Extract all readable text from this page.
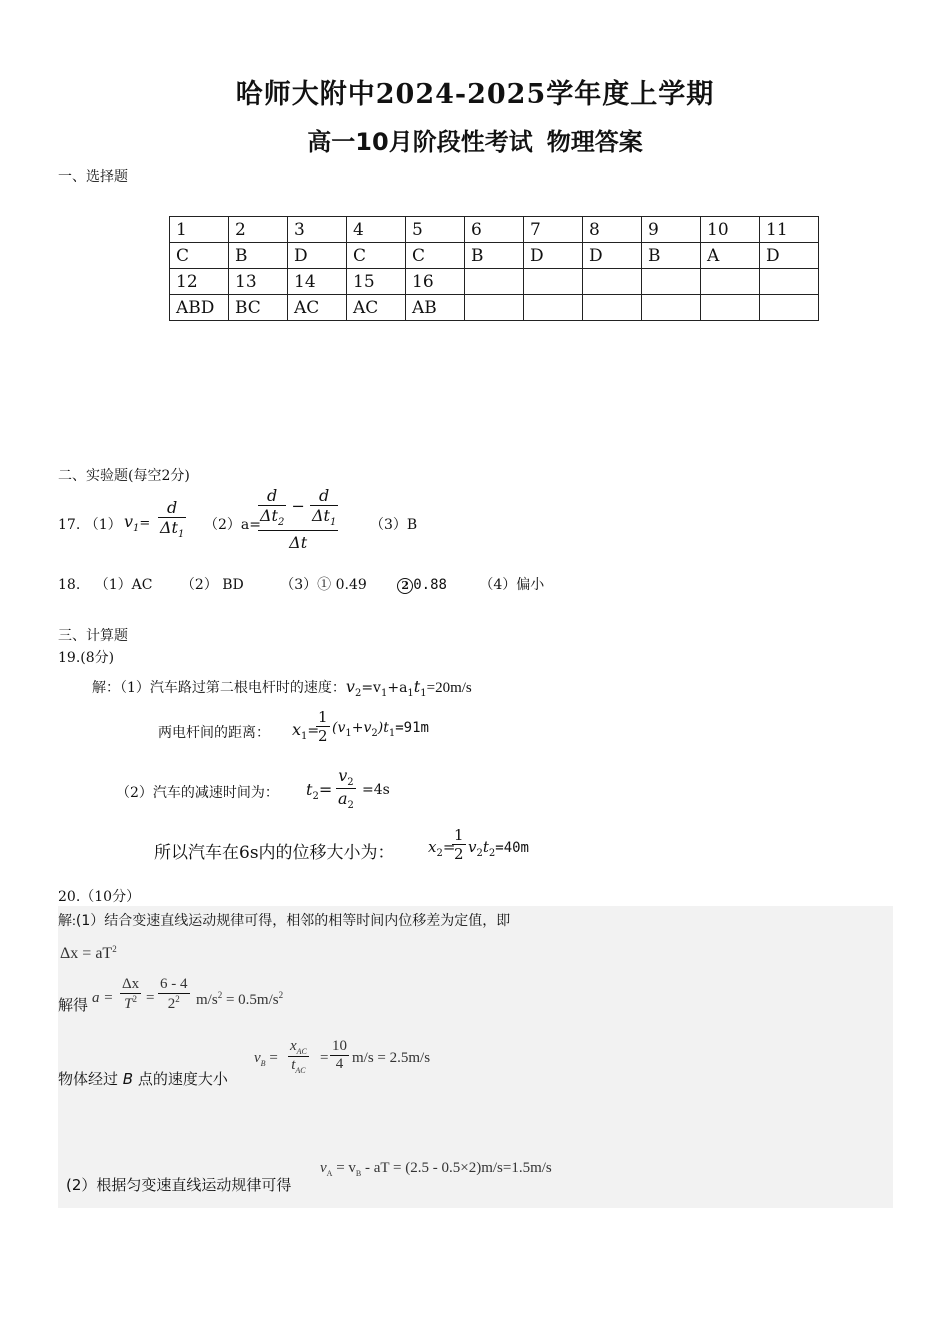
哈师大附中2024-2025学年度上学期
高一10月阶段性考试 物理答案
一、选择题
1	2	3	4	5	6	7	8	9	10	11
C	B	D	C	C	B	D	D	B	A	D
12	13	14	15	16						
ABD	BC	AC	AC	AB						
二、实验题(每空2分)
17. （1） $v_1= \frac{d}{\Delta t_1} (2)a=$
$\frac{d}{\Delta t_2} - \frac{d}{\Delta t_1}$
Δt
（3）B
18. （1）AC （2） BD	（3）① 0.49	2 0.88 （4）偏小
三、计算题
19.(8分)
解：（1）汽车路过第二根电杆时的速度：$v_2=v_1+a_1t_1=20m/s$
两电杆间的距离： $x_1=$
$\frac{1}{2} (v_1+v_2)t_1=91m$
（2）汽车的减速时间为： $t_2= \frac{v_2}{a_2} =4s$
所以汽车在6s内的位移大小为： $x_2=$
$\frac{1}{2} v_2t_2=40m$
20.（10分）
解:(1）结合变速直线运动规律可得，相邻的相等时间内位移差为定值，即
$\Delta x = aT^2$
解得 $a = \frac{\Delta x}{T^2} = \frac{6 - 4}{2^2} m/s^2 = 0.5m/s^2$
物体经过 B 点的速度大小
$v_B$ =
$x_{AC}$
$t_{AC}$
= $\frac{10}{4} m/s = 2.5m/s$
(2）根据匀变速直线运动规律可得
$v_A = v_B$ - aT = (2.5 - 0.5×2)m/s=1.5m/s
